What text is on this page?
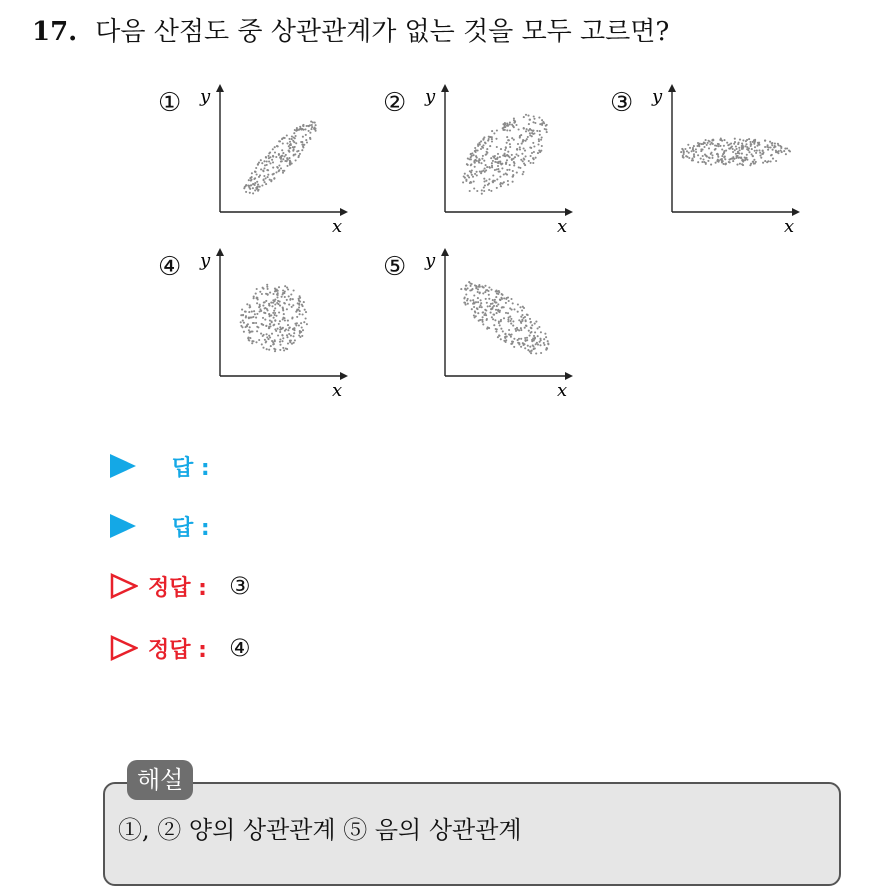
17. 다음 산점도 중 상관관계가 없는 것을 모두 고르면?
① y
x
② y
x
③ y
x
④ y
x
⑤ y
x
답 :
답 :
정답 : ③
정답 : ④
해설
①, ② 양의 상관관계 ⑤ 음의 상관관계
